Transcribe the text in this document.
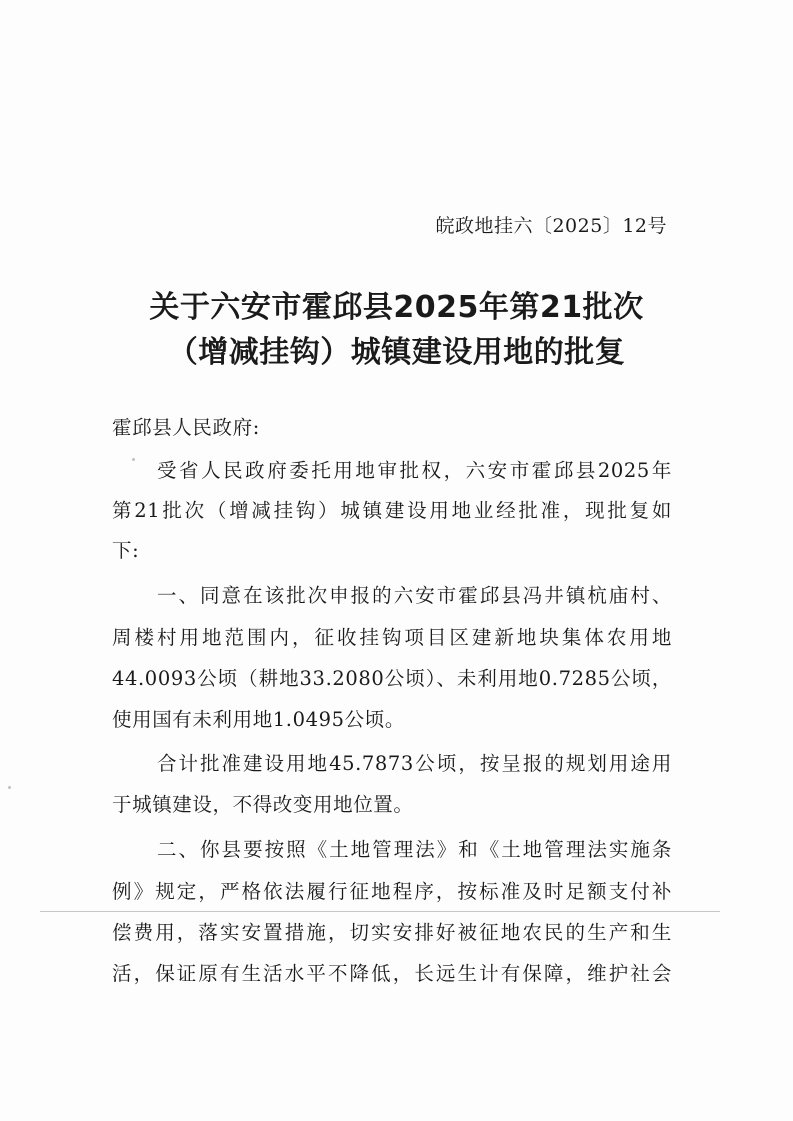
皖政地挂六〔2025〕12号
关于六安市霍邱县2025年第21批次
（增减挂钩）城镇建设用地的批复
霍邱县人民政府:
受省人民政府委托用地审批权，六安市霍邱县2025年
第21批次（增减挂钩）城镇建设用地业经批准，现批复如
下:
一、同意在该批次申报的六安市霍邱县冯井镇杭庙村、
周楼村用地范围内，征收挂钩项目区建新地块集体农用地
44.0093公顷（耕地33.2080公顷）、未利用地0.7285公顷，
使用国有未利用地1.0495公顷。
合计批准建设用地45.7873公顷，按呈报的规划用途用
于城镇建设，不得改变用地位置。
二、你县要按照《土地管理法》和《土地管理法实施条
例》规定，严格依法履行征地程序，按标准及时足额支付补
偿费用，落实安置措施，切实安排好被征地农民的生产和生
活，保证原有生活水平不降低，长远生计有保障，维护社会
